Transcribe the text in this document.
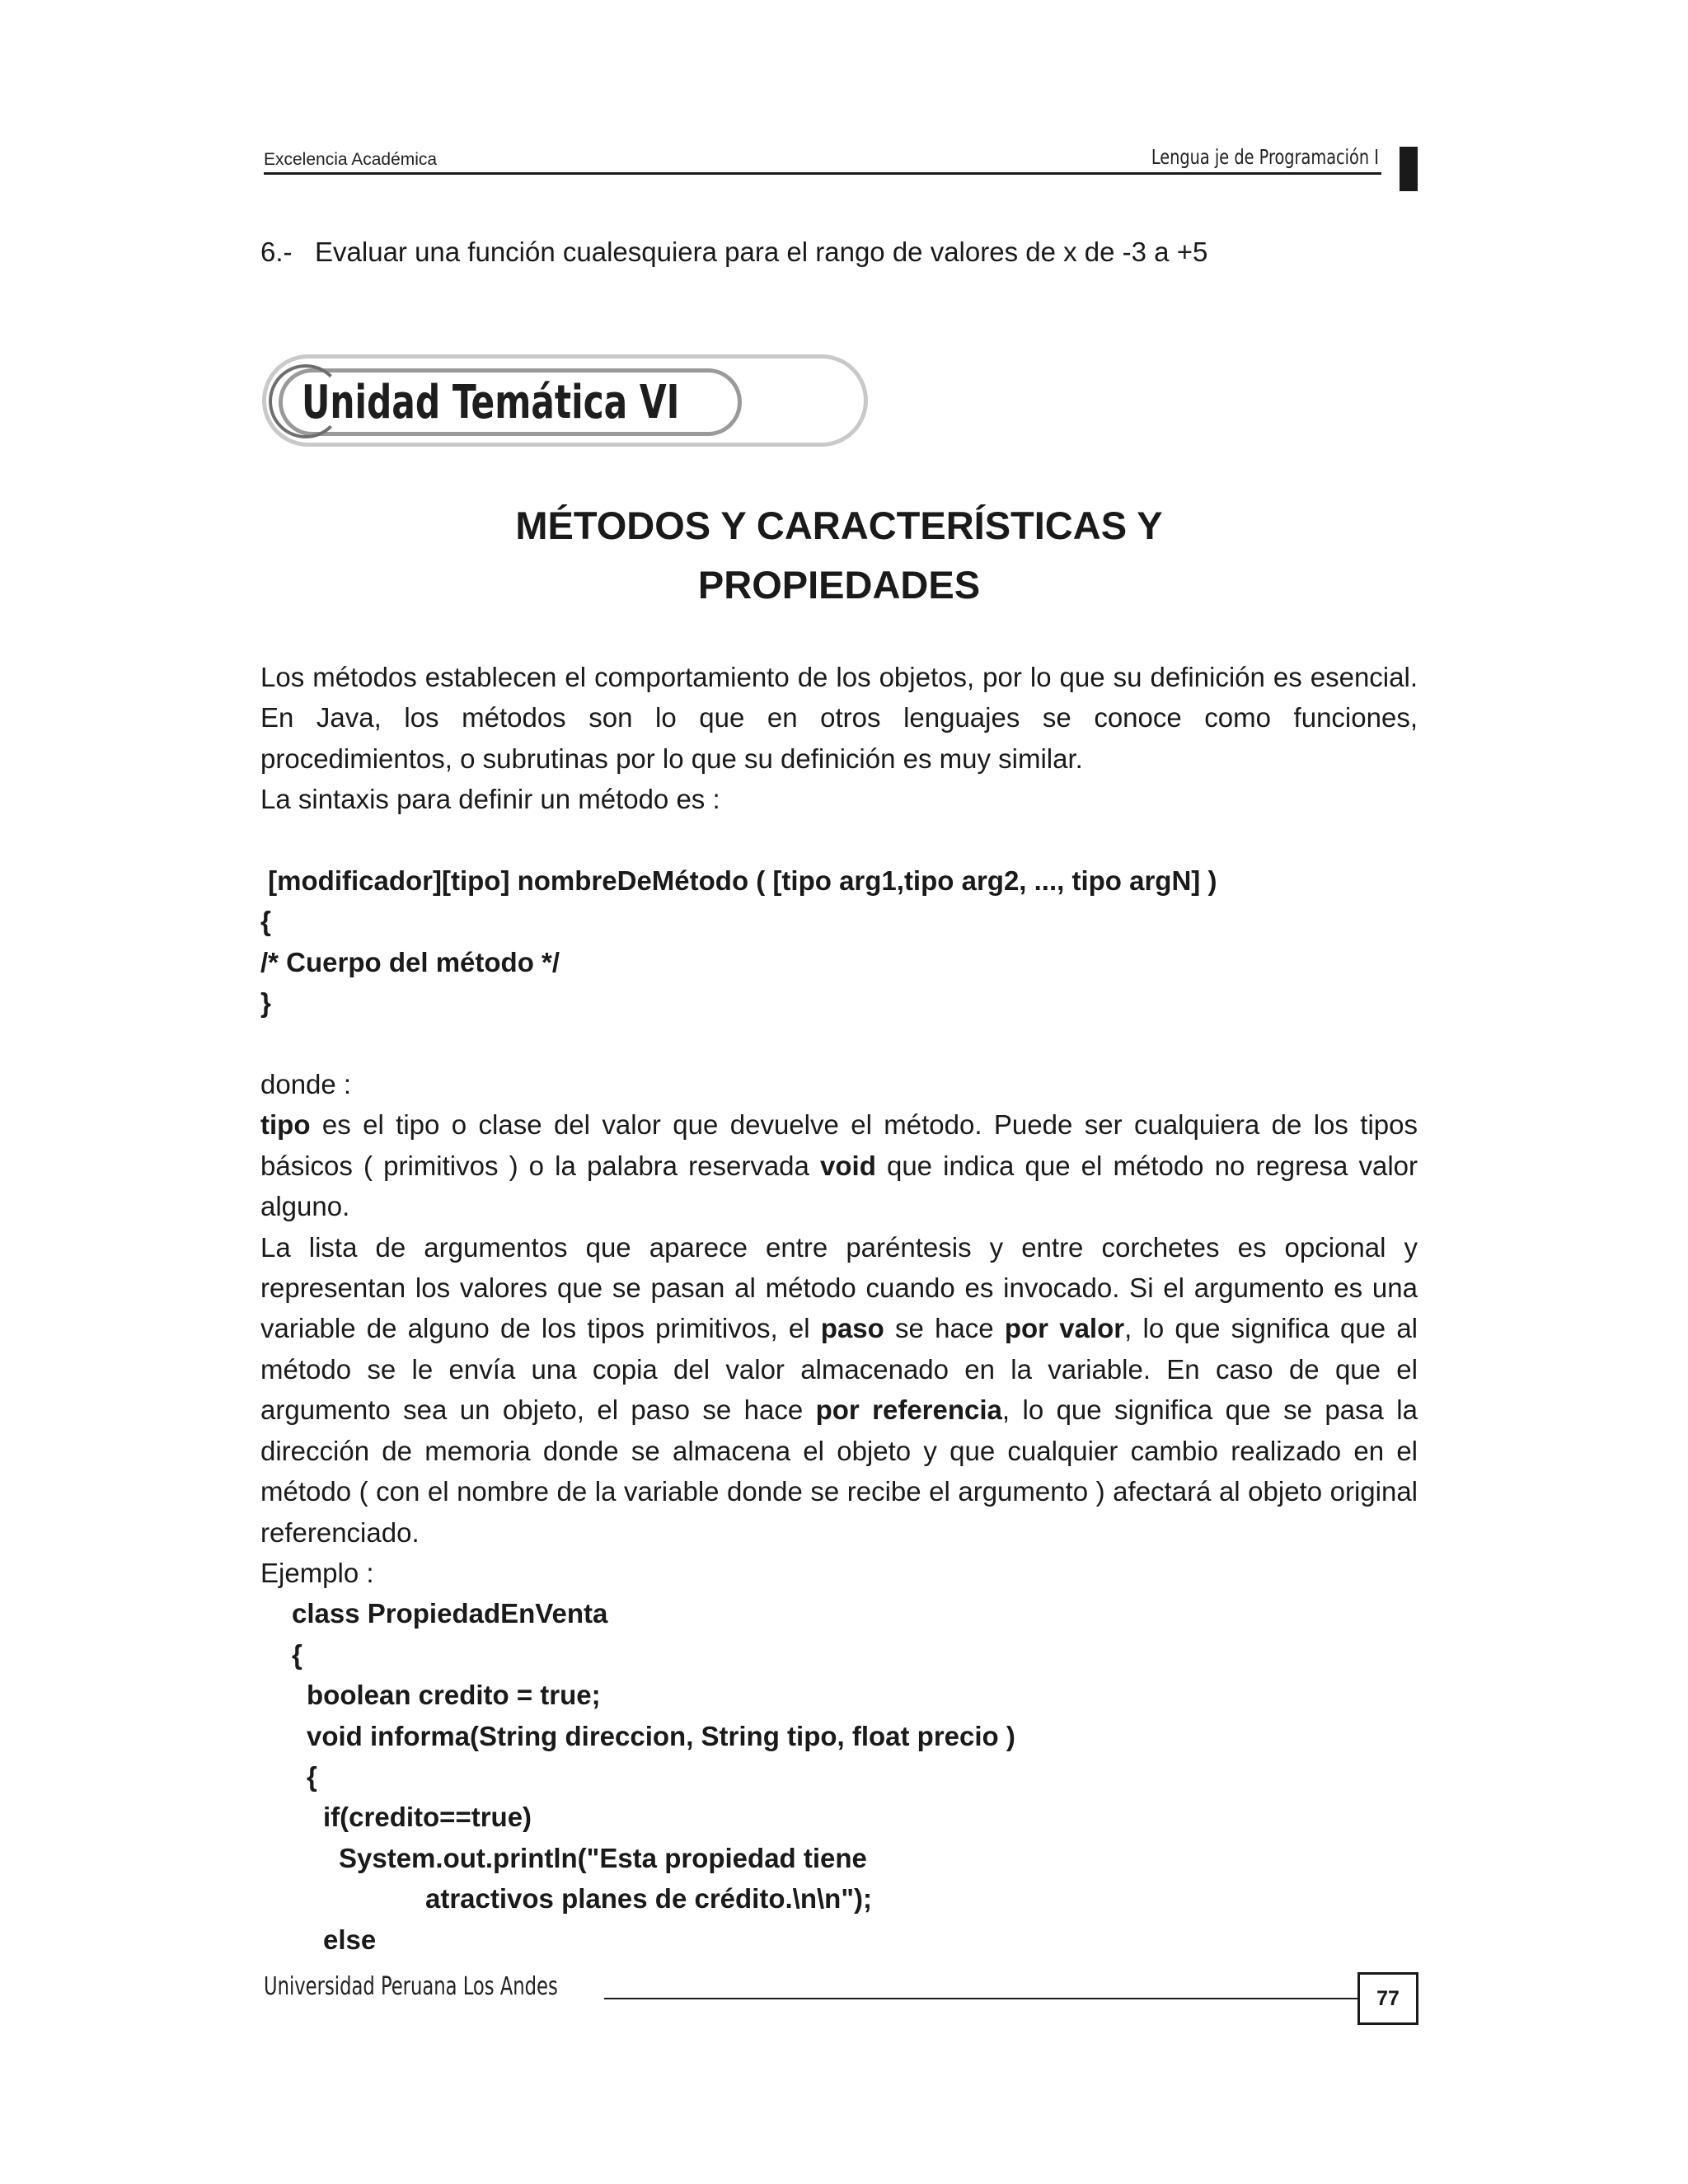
Excelencia Académica	Lengua je de Programación I
6.-   Evaluar una función cualesquiera para el rango de valores de x de -3 a +5
Unidad Temática VI
MÉTODOS Y CARACTERÍSTICAS Y
PROPIEDADES

Los métodos establecen el comportamiento de los objetos, por lo que su definición es esencial. En Java, los métodos son lo que en otros lenguajes se conoce como funciones, procedimientos, o subrutinas por lo que su definición es muy similar.

La sintaxis para definir un método es :

[modificador][tipo] nombreDeMétodo ( [tipo arg1,tipo arg2, ..., tipo argN] )

{

/* Cuerpo del método */

}

donde :

tipo es el tipo o clase del valor que devuelve el método. Puede ser cualquiera de los tipos básicos ( primitivos ) o la palabra reservada void que indica que el método no regresa valor alguno.

La lista de argumentos que aparece entre paréntesis y entre corchetes es opcional y representan los valores que se pasan al método cuando es invocado. Si el argumento es una variable de alguno de los tipos primitivos, el paso se hace por valor, lo que significa que al método se le envía una copia del valor almacenado en la variable. En caso de que el argumento sea un objeto, el paso se hace por referencia, lo que significa que se pasa la dirección de memoria donde se almacena el objeto y que cualquier cambio realizado en el método ( con el nombre de la variable donde se recibe el argumento ) afectará al objeto original referenciado.

Ejemplo :

class PropiedadEnVenta

{

boolean credito = true;

void informa(String direccion, String tipo, float precio )

{

if(credito==true)

System.out.println("Esta propiedad tiene

atractivos planes de crédito.\n\n");

else

Universidad Peruana Los Andes	77
